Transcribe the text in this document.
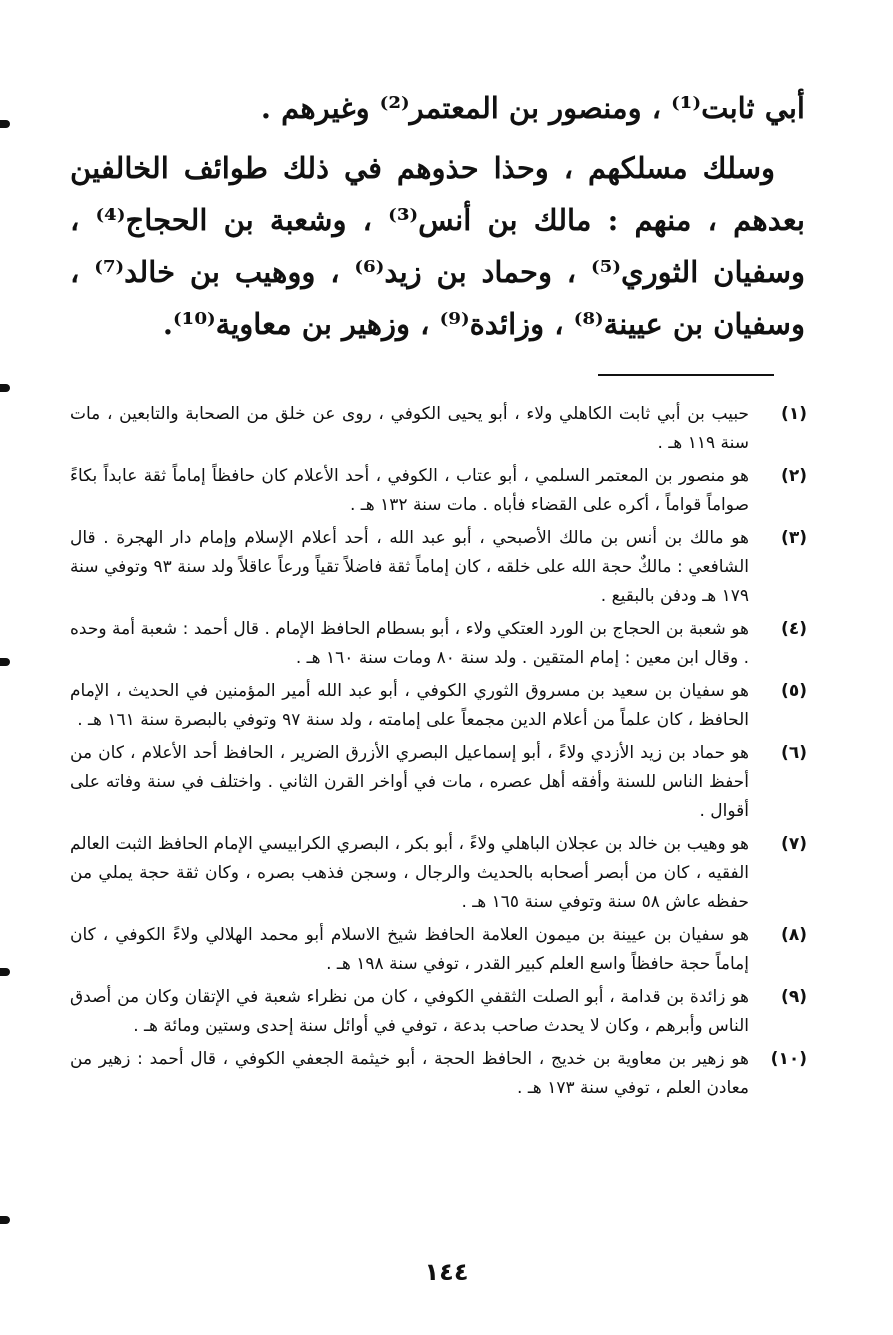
أبي ثابت⁽¹⁾ ، ومنصور بن المعتمر⁽²⁾ وغيرهم .

وسلك مسلكهم ، وحذا حذوهم في ذلك طوائف الخالفين بعدهم ، منهم : مالك بن أنس⁽³⁾ ، وشعبة بن الحجاج⁽⁴⁾ ، وسفيان الثوري⁽⁵⁾ ، وحماد بن زيد⁽⁶⁾ ، ووهيب بن خالد⁽⁷⁾ ، وسفيان بن عيينة⁽⁸⁾ ، وزائدة⁽⁹⁾ ، وزهير بن معاوية⁽¹⁰⁾.

(١)
حبيب بن أبي ثابت الكاهلي ولاء ، أبو يحيى الكوفي ، روى عن خلق من الصحابة والتابعين ، مات سنة ١١٩ هـ .
(٢)
هو منصور بن المعتمر السلمي ، أبو عتاب ، الكوفي ، أحد الأعلام كان حافظاً إماماً ثقة عابداً بكاءً صواماً قواماً ، أكره على القضاء فأباه . مات سنة ١٣٢ هـ .
(٣)
هو مالك بن أنس بن مالك الأصبحي ، أبو عبد الله ، أحد أعلام الإسلام وإمام دار الهجرة . قال الشافعي : مالكٌ حجة الله على خلقه ، كان إماماً ثقة فاضلاً تقياً ورعاً عاقلاً ولد سنة ٩٣ وتوفي سنة ١٧٩ هـ ودفن بالبقيع .
(٤)
هو شعبة بن الحجاج بن الورد العتكي ولاء ، أبو بسطام الحافظ الإمام . قال أحمد : شعبة أمة وحده . وقال ابن معين : إمام المتقين . ولد سنة ٨٠ ومات سنة ١٦٠ هـ .
(٥)
هو سفيان بن سعيد بن مسروق الثوري الكوفي ، أبو عبد الله أمير المؤمنين في الحديث ، الإمام الحافظ ، كان علماً من أعلام الدين مجمعاً على إمامته ، ولد سنة ٩٧ وتوفي بالبصرة سنة ١٦١ هـ .
(٦)
هو حماد بن زيد الأزدي ولاءً ، أبو إسماعيل البصري الأزرق الضرير ، الحافظ أحد الأعلام ، كان من أحفظ الناس للسنة وأفقه أهل عصره ، مات في أواخر القرن الثاني . واختلف في سنة وفاته على أقوال .
(٧)
هو وهيب بن خالد بن عجلان الباهلي ولاءً ، أبو بكر ، البصري الكرابيسي الإمام الحافظ الثبت العالم الفقيه ، كان من أبصر أصحابه بالحديث والرجال ، وسجن فذهب بصره ، وكان ثقة حجة يملي من حفظه عاش ٥٨ سنة وتوفي سنة ١٦٥ هـ .
(٨)
هو سفيان بن عيينة بن ميمون العلامة الحافظ شيخ الاسلام أبو محمد الهلالي ولاءً الكوفي ، كان إماماً حجة حافظاً واسع العلم كبير القدر ، توفي سنة ١٩٨ هـ .
(٩)
هو زائدة بن قدامة ، أبو الصلت الثقفي الكوفي ، كان من نظراء شعبة في الإتقان وكان من أصدق الناس وأبرهم ، وكان لا يحدث صاحب بدعة ، توفي في أوائل سنة إحدى وستين ومائة هـ .
(١٠)
هو زهير بن معاوية بن خديج ، الحافظ الحجة ، أبو خيثمة الجعفي الكوفي ، قال أحمد : زهير من معادن العلم ، توفي سنة ١٧٣ هـ .
١٤٤
